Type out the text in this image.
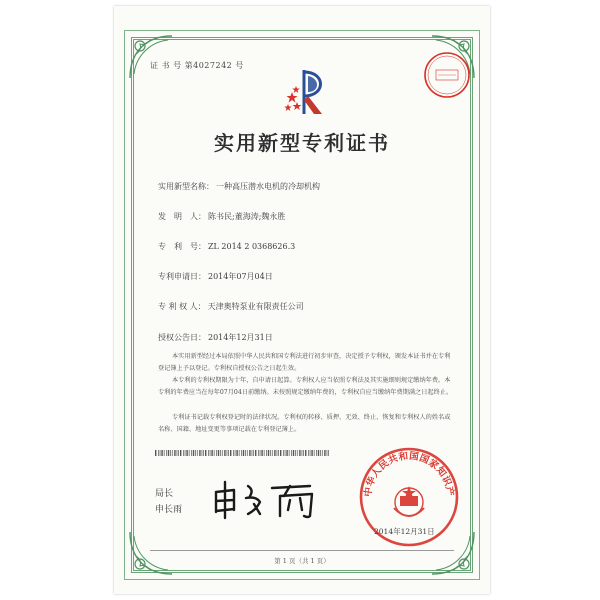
证 书 号 第4027242 号
实用新型专利证书
实用新型名称： 一种高压潜水电机的冷却机构
发　明　人： 陈书民;董海涛;魏永胜
专　利　号： ZL 2014 2 0368626.3
专利申请日： 2014年07月04日
专 利 权 人： 天津奥特泵业有限责任公司
授权公告日： 2014年12月31日
本实用新型经过本局依照中华人民共和国专利法进行初步审查，决定授予专利权，颁发本证书并在专利登记簿上予以登记。专利权自授权公告之日起生效。
本专利的专利权期限为十年，自申请日起算。专利权人应当依照专利法及其实施细则规定缴纳年费。本专利的年费应当在每年07月04日前缴纳。未按照规定缴纳年费的，专利权自应当缴纳年费期满之日起终止。
专利证书记载专利权登记时的法律状况。专利权的转移、质押、无效、终止、恢复和专利权人的姓名或名称、国籍、地址变更等事项记载在专利登记簿上。
局长
申长雨
中华人民共和国国家知识产
2014年12月31日
第 1 页（共 1 页）
